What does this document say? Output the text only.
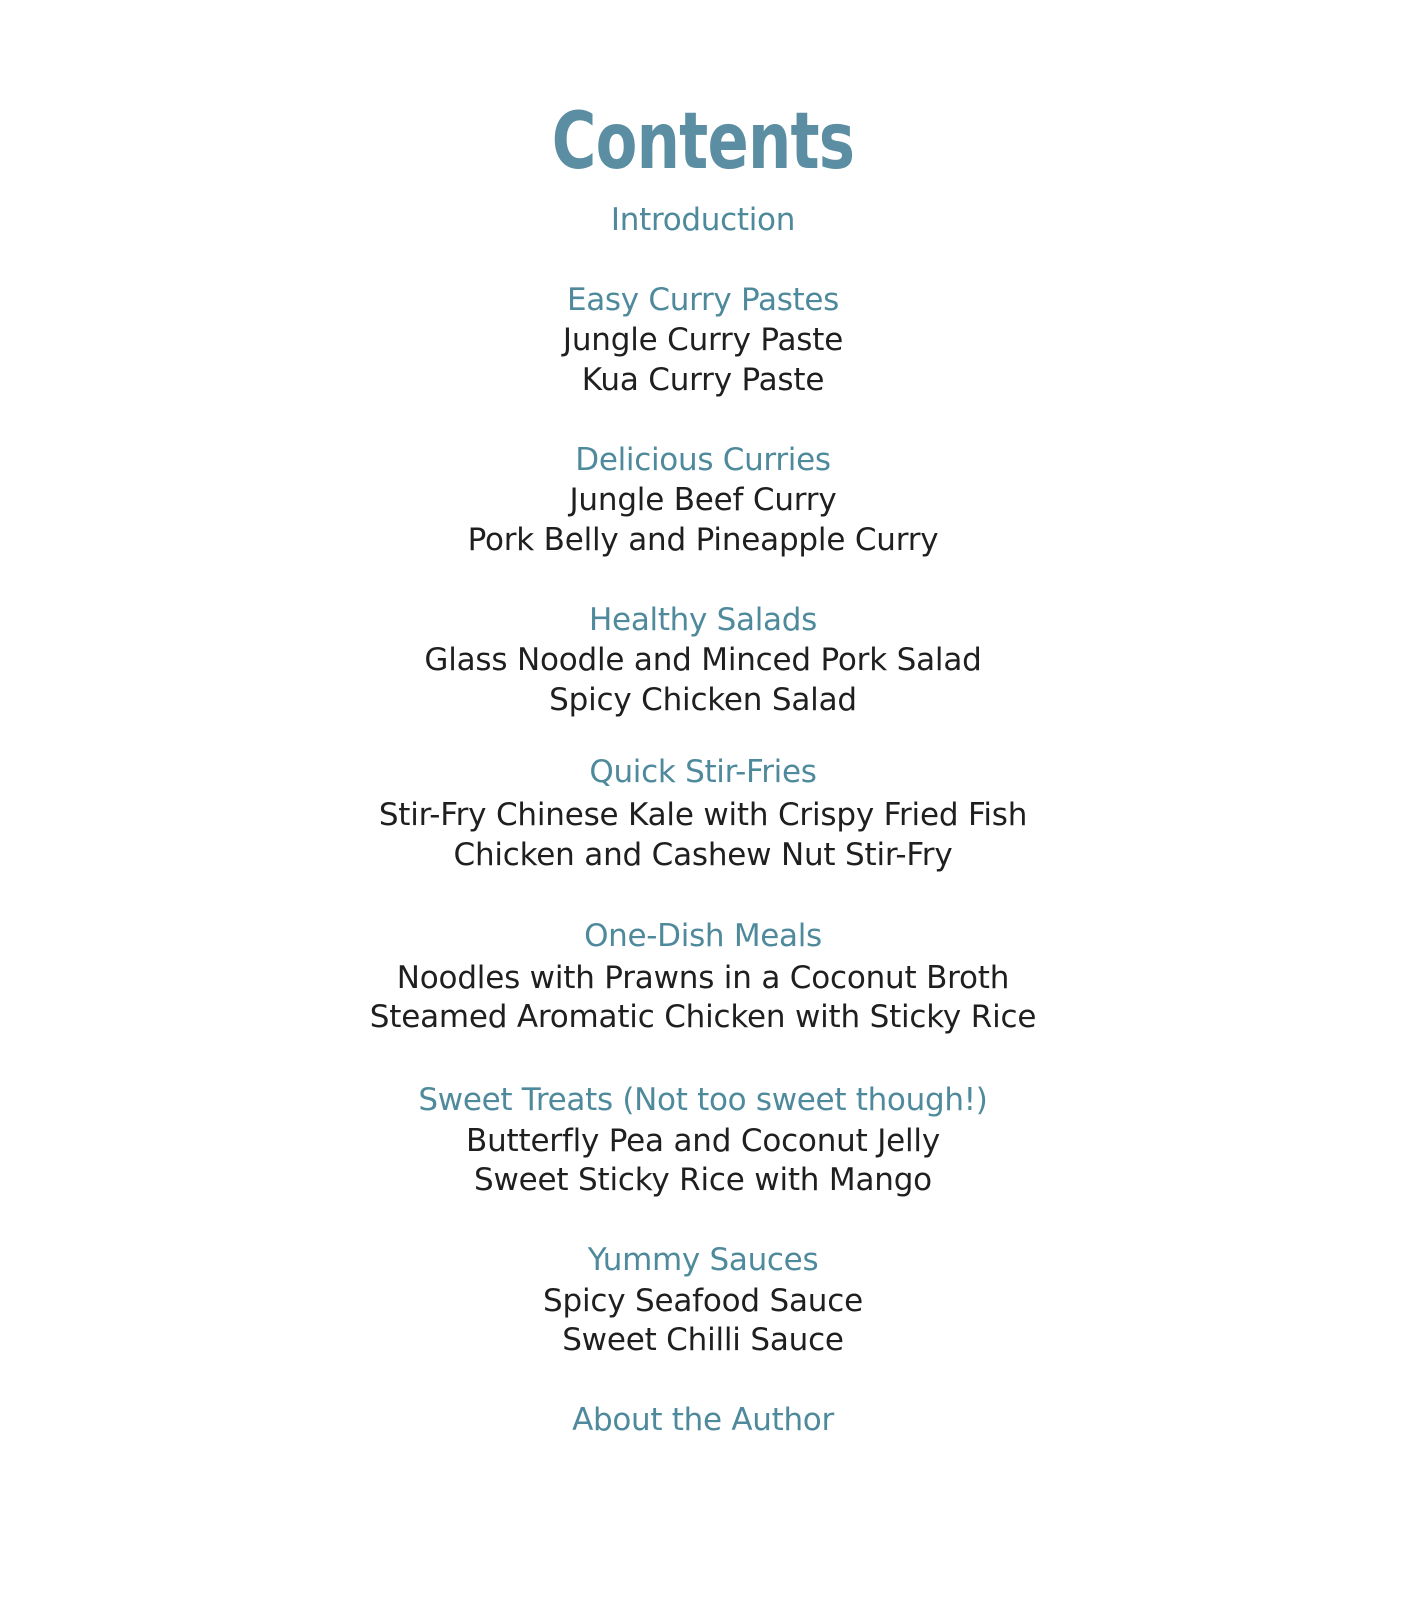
Contents
Introduction
Easy Curry Pastes
Jungle Curry Paste
Kua Curry Paste
Delicious Curries
Jungle Beef Curry
Pork Belly and Pineapple Curry
Healthy Salads
Glass Noodle and Minced Pork Salad
Spicy Chicken Salad
Quick Stir-Fries
Stir-Fry Chinese Kale with Crispy Fried Fish
Chicken and Cashew Nut Stir-Fry
One-Dish Meals
Noodles with Prawns in a Coconut Broth
Steamed Aromatic Chicken with Sticky Rice
Sweet Treats (Not too sweet though!)
Butterfly Pea and Coconut Jelly
Sweet Sticky Rice with Mango
Yummy Sauces
Spicy Seafood Sauce
Sweet Chilli Sauce
About the Author
